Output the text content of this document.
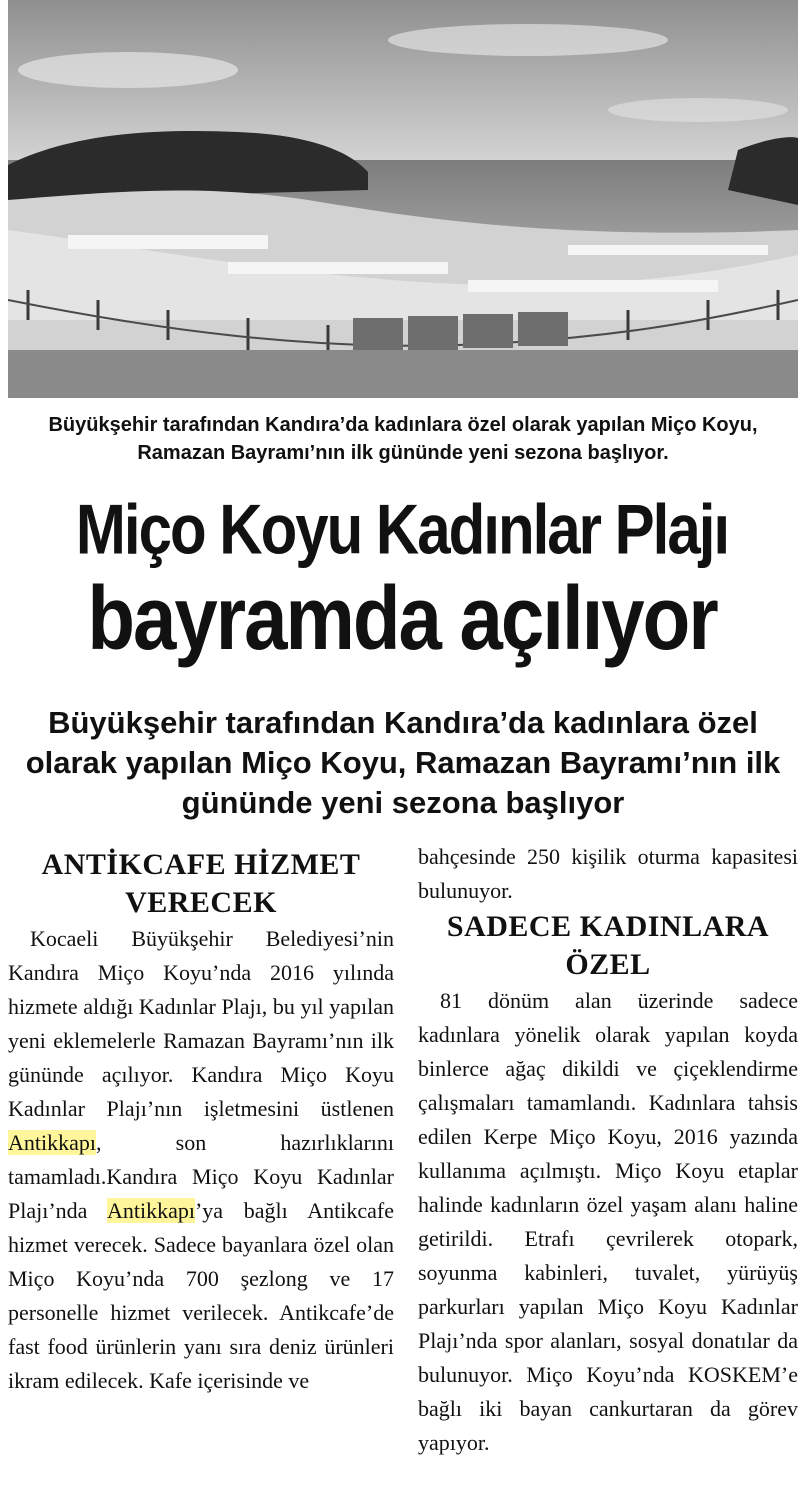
Büyükşehir tarafından Kandıra’da kadınlara özel olarak yapılan Miço Koyu, Ramazan Bayramı’nın ilk gününde yeni sezona başlıyor.
Miço Koyu Kadınlar Plajı
bayramda açılıyor
Büyükşehir tarafından Kandıra’da kadınlara özel olarak yapılan Miço Koyu, Ramazan Bayramı’nın ilk gününde yeni sezona başlıyor
ANTİKCAFE HİZMET VERECEK

Kocaeli Büyükşehir Belediyesi’nin Kandıra Miço Koyu’nda 2016 yılında hizmete aldığı Kadınlar Plajı, bu yıl yapılan yeni eklemelerle Ramazan Bayramı’nın ilk gününde açılıyor. Kandıra Miço Koyu Kadınlar Plajı’nın işletmesini üstlenen Antikkapı, son hazırlıklarını tamamladı.Kandıra Miço Koyu Kadınlar Plajı’nda Antikkapı’ya bağlı Antikcafe hizmet verecek. Sadece bayanlara özel olan Miço Koyu’nda 700 şezlong ve 17 personelle hizmet verilecek. Antikcafe’de fast food ürünlerin yanı sıra deniz ürünleri ikram edilecek. Kafe içerisinde ve

bahçesinde 250 kişilik oturma kapasitesi bulunuyor.

SADECE KADINLARA ÖZEL

81 dönüm alan üzerinde sadece kadınlara yönelik olarak yapılan koyda binlerce ağaç dikildi ve çiçeklendirme çalışmaları tamamlandı. Kadınlara tahsis edilen Kerpe Miço Koyu, 2016 yazında kullanıma açılmıştı. Miço Koyu etaplar halinde kadınların özel yaşam alanı haline getirildi. Etrafı çevrilerek otopark, soyunma kabinleri, tuvalet, yürüyüş parkurları yapılan Miço Koyu Kadınlar Plajı’nda spor alanları, sosyal donatılar da bulunuyor. Miço Koyu’nda KOSKEM’e bağlı iki bayan cankurtaran da görev yapıyor.
